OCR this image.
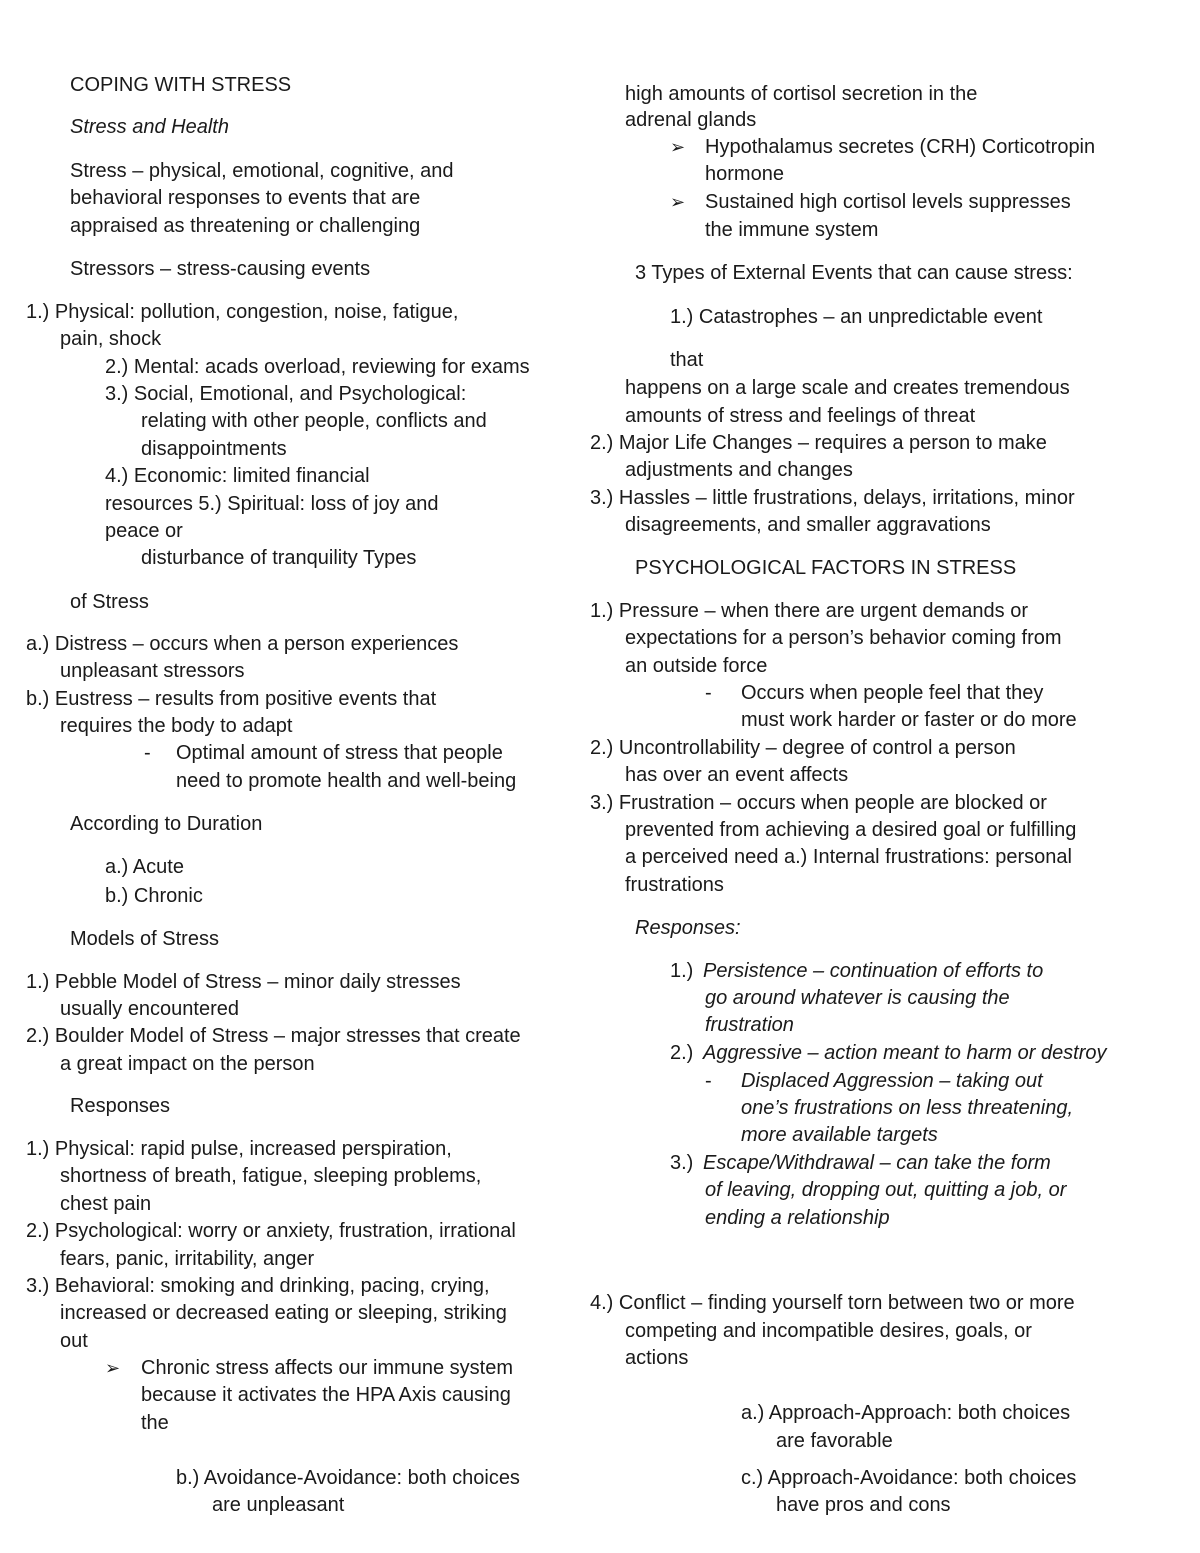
COPING WITH STRESS
Stress and Health
Stress – physical, emotional, cognitive, and
behavioral responses to events that are
appraised as threatening or challenging
Stressors – stress-causing events
1.) Physical: pollution, congestion, noise, fatigue,
pain, shock
2.) Mental: acads overload, reviewing for exams
3.) Social, Emotional, and Psychological:
relating with other people, conflicts and
disappointments
4.) Economic: limited financial
resources 5.) Spiritual: loss of joy and
peace or
disturbance of tranquility Types
of Stress
a.) Distress – occurs when a person experiences
unpleasant stressors
b.) Eustress – results from positive events that
requires the body to adapt
- Optimal amount of stress that people
need to promote health and well-being
According to Duration
a.) Acute
b.) Chronic
Models of Stress
1.) Pebble Model of Stress – minor daily stresses
usually encountered
2.) Boulder Model of Stress – major stresses that create
a great impact on the person
Responses
1.) Physical: rapid pulse, increased perspiration,
shortness of breath, fatigue, sleeping problems,
chest pain
2.) Psychological: worry or anxiety, frustration, irrational
fears, panic, irritability, anger
3.) Behavioral: smoking and drinking, pacing, crying,
increased or decreased eating or sleeping, striking
out
➢ Chronic stress affects our immune system
because it activates the HPA Axis causing
the
b.) Avoidance-Avoidance: both choices
are unpleasant
high amounts of cortisol secretion in the
adrenal glands
➢ Hypothalamus secretes (CRH) Corticotropin
hormone
➢ Sustained high cortisol levels suppresses
the immune system
3 Types of External Events that can cause stress:
1.) Catastrophes – an unpredictable event
that
happens on a large scale and creates tremendous
amounts of stress and feelings of threat
2.) Major Life Changes – requires a person to make
adjustments and changes
3.) Hassles – little frustrations, delays, irritations, minor
disagreements, and smaller aggravations
PSYCHOLOGICAL FACTORS IN STRESS
1.) Pressure – when there are urgent demands or
expectations for a person’s behavior coming from
an outside force
- Occurs when people feel that they
must work harder or faster or do more
2.) Uncontrollability – degree of control a person
has over an event affects
3.) Frustration – occurs when people are blocked or
prevented from achieving a desired goal or fulfilling
a perceived need a.) Internal frustrations: personal
frustrations
Responses:
1.) Persistence – continuation of efforts to
go around whatever is causing the
frustration
2.) Aggressive – action meant to harm or destroy
- Displaced Aggression – taking out
one’s frustrations on less threatening,
more available targets
3.) Escape/Withdrawal – can take the form
of leaving, dropping out, quitting a job, or
ending a relationship
4.) Conflict – finding yourself torn between two or more
competing and incompatible desires, goals, or
actions
a.) Approach-Approach: both choices
are favorable
c.) Approach-Avoidance: both choices
have pros and cons
